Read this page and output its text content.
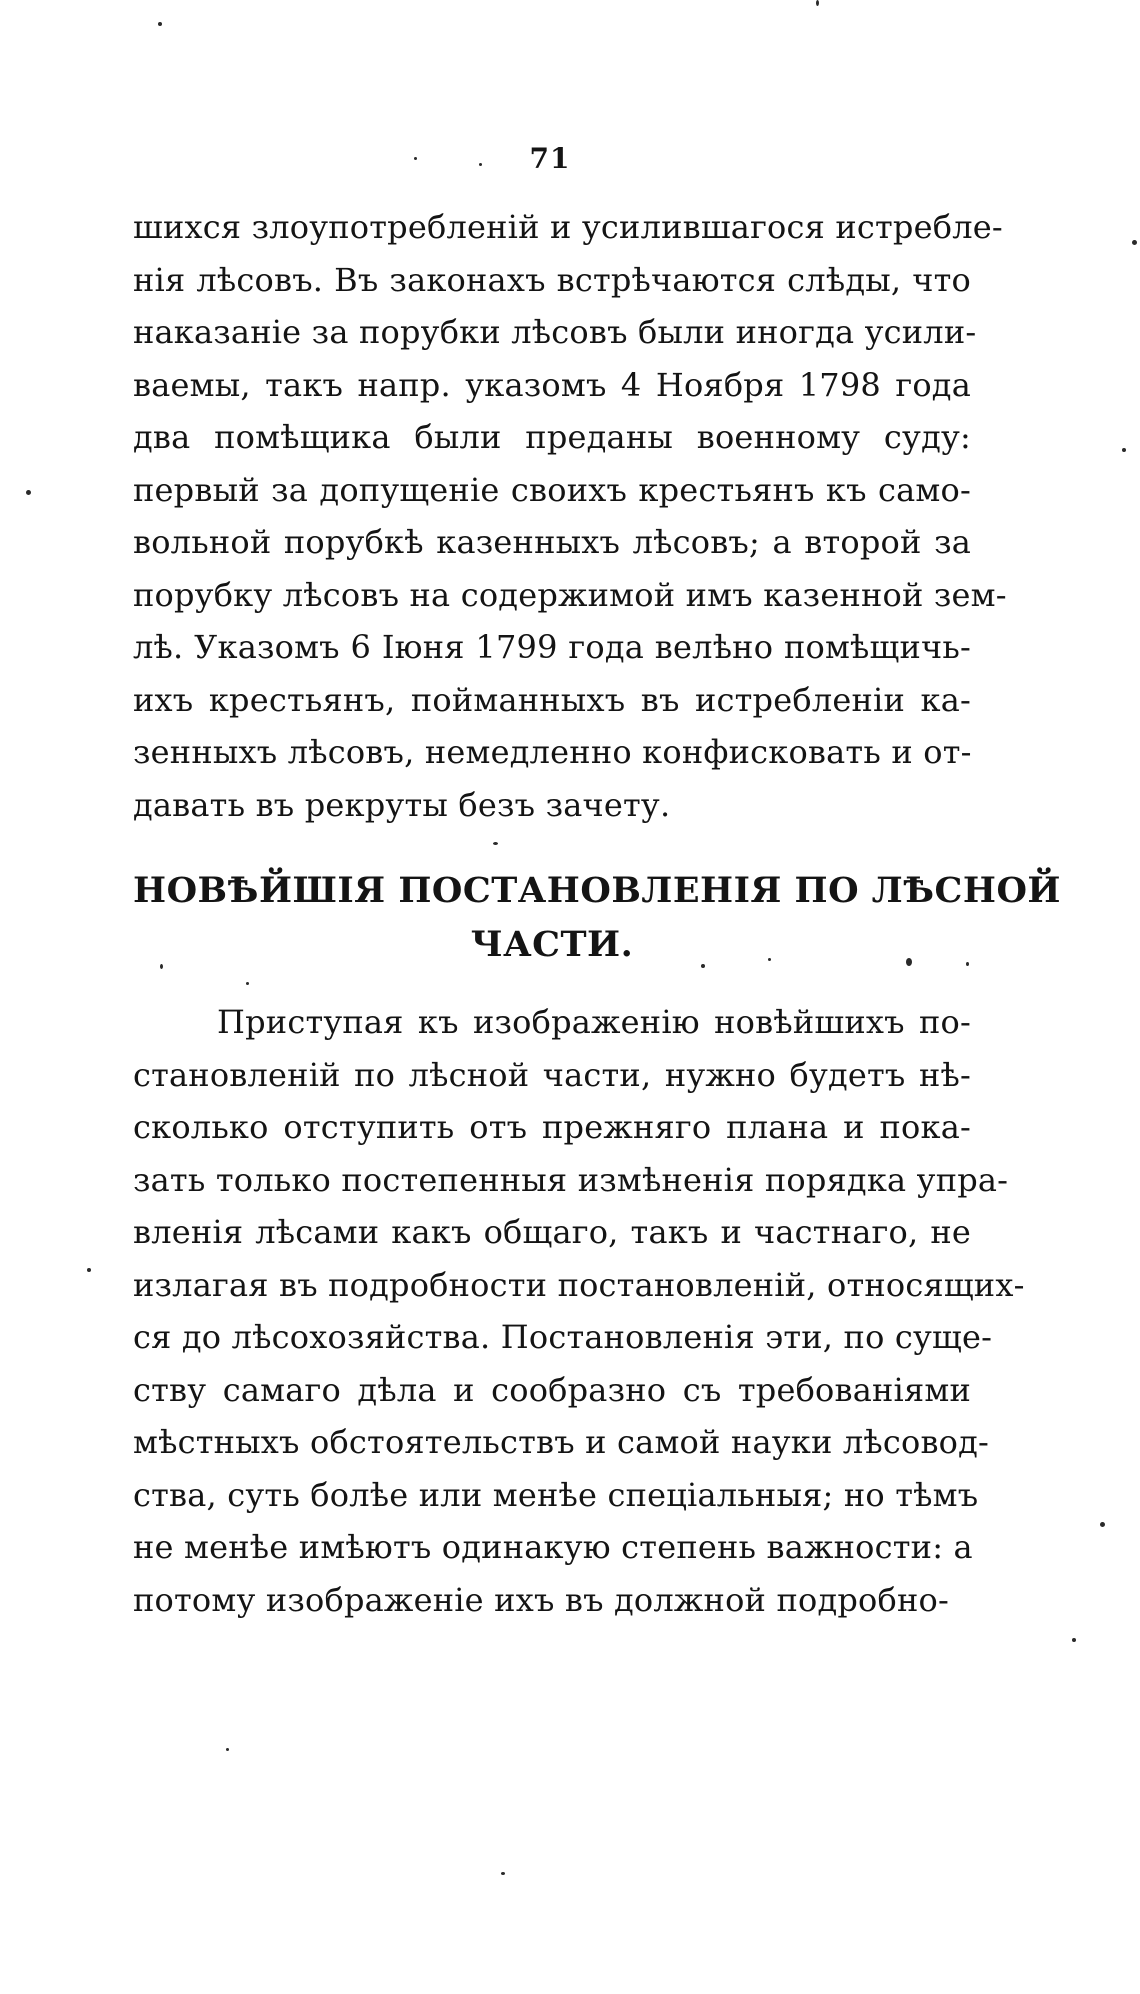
71
шихся злоупотребленій и усилившагося истребле-
нія лѣсовъ. Въ законахъ встрѣчаются слѣды, что
наказаніе за порубки лѣсовъ были иногда усили-
ваемы, такъ напр. указомъ 4 Ноября 1798 года
два помѣщика были преданы военному суду:
первый за допущеніе своихъ крестьянъ къ само-
вольной порубкѣ казенныхъ лѣсовъ; а второй за
порубку лѣсовъ на содержимой имъ казенной зем-
лѣ. Указомъ 6 Іюня 1799 года велѣно помѣщичь-
ихъ крестьянъ, пойманныхъ въ истребленіи ка-
зенныхъ лѣсовъ, немедленно конфисковать и от-
давать въ рекруты безъ зачету.
НОВѢЙШІЯ ПОСТАНОВЛЕНІЯ ПО ЛѢСНОЙ
ЧАСТИ.
Приступая къ изображенію новѣйшихъ по-
становленій по лѣсной части, нужно будетъ нѣ-
сколько отступить отъ прежняго плана и пока-
зать только постепенныя измѣненія порядка упра-
вленія лѣсами какъ общаго, такъ и частнаго, не
излагая въ подробности постановленій, относящих-
ся до лѣсохозяйства. Постановленія эти, по суще-
ству самаго дѣла и сообразно съ требованіями
мѣстныхъ обстоятельствъ и самой науки лѣсовод-
ства, суть болѣе или менѣе спеціальныя; но тѣмъ
не менѣе имѣютъ одинакую степень важности: а
потому изображеніе ихъ въ должной подробно-
